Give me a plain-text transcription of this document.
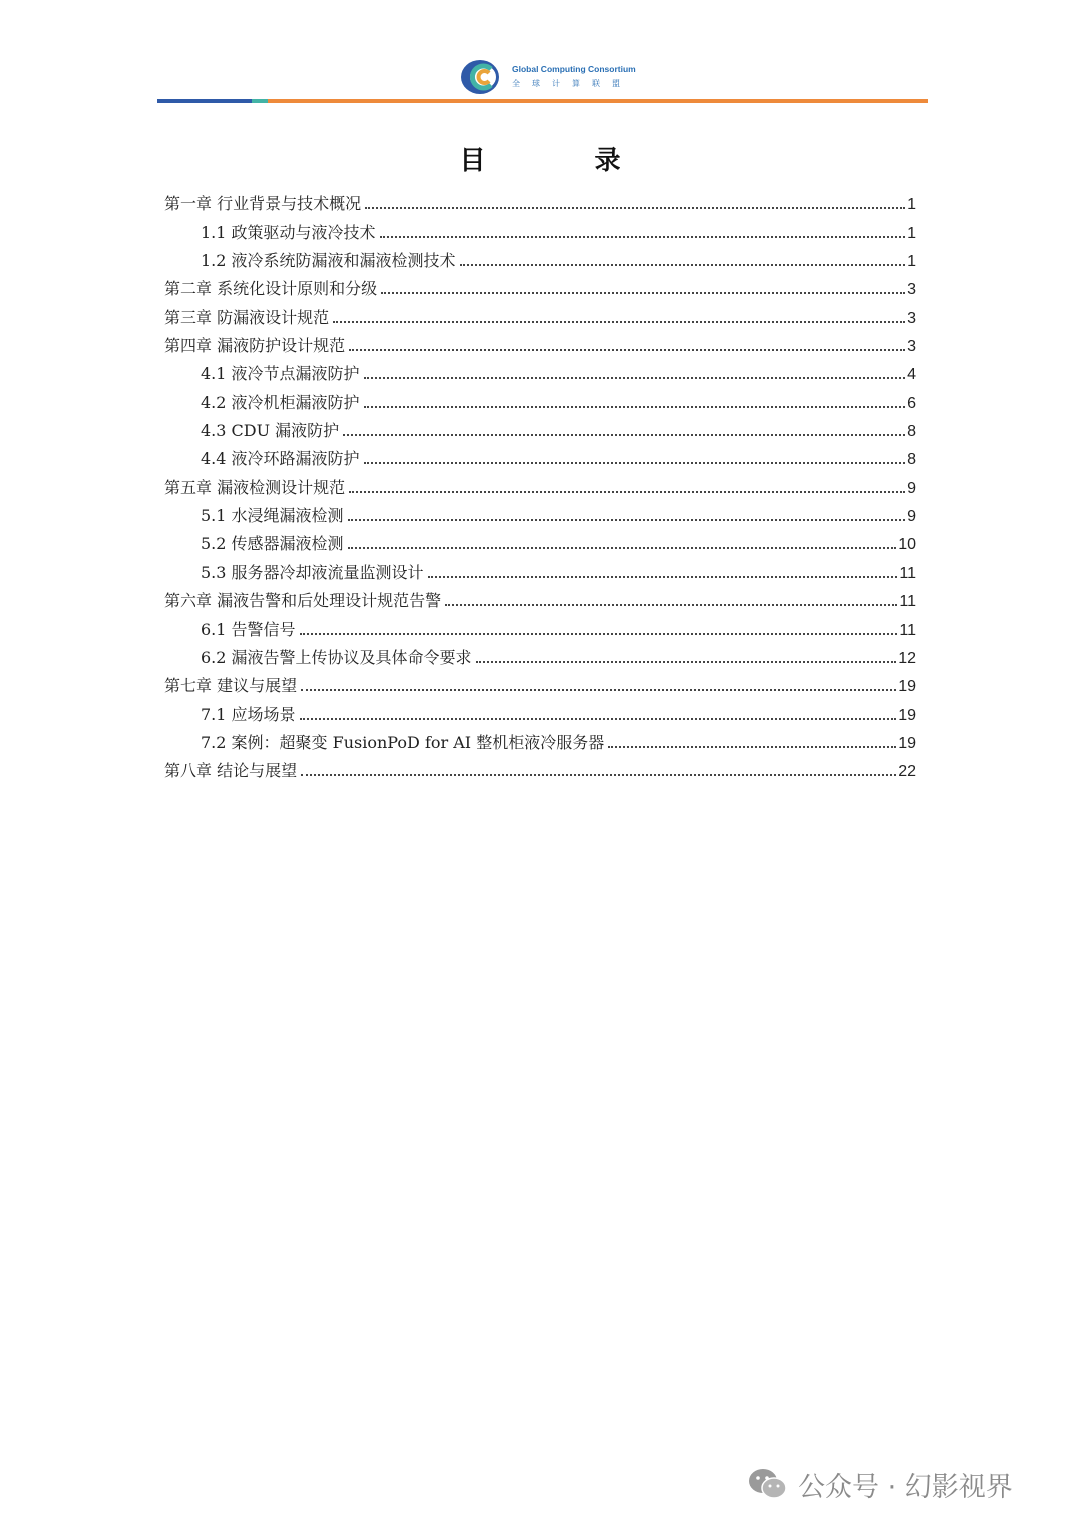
Global Computing Consortium
全球计算联盟
目 录
第一章 行业背景与技术概况	1
1.1 政策驱动与液冷技术	1
1.2 液冷系统防漏液和漏液检测技术	1
第二章 系统化设计原则和分级	3
第三章 防漏液设计规范	3
第四章 漏液防护设计规范	3
4.1 液冷节点漏液防护	4
4.2 液冷机柜漏液防护	6
4.3 CDU 漏液防护	8
4.4 液冷环路漏液防护	8
第五章 漏液检测设计规范	9
5.1 水浸绳漏液检测	9
5.2 传感器漏液检测	10
5.3 服务器冷却液流量监测设计	11
第六章 漏液告警和后处理设计规范告警	11
6.1 告警信号	11
6.2 漏液告警上传协议及具体命令要求	12
第七章 建议与展望	19
7.1 应场场景	19
7.2 案例：超聚变 FusionPoD for AI 整机柜液冷服务器	19
第八章 结论与展望	22
公众号 · 幻影视界
